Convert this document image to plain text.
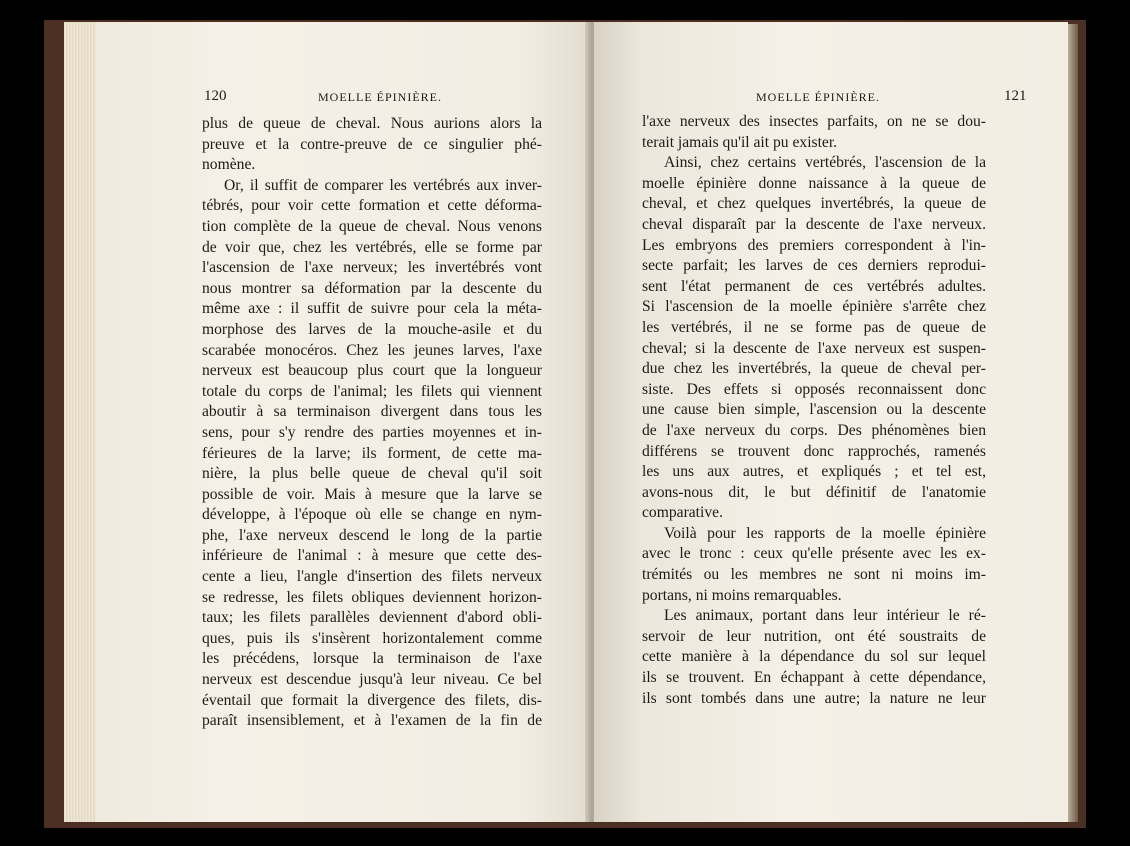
120	MOELLE ÉPINIÈRE.
plus de queue de cheval. Nous aurions alors la
preuve et la contre-preuve de ce singulier phé-
nomène.
Or, il suffit de comparer les vertébrés aux inver-
tébrés, pour voir cette formation et cette déforma-
tion complète de la queue de cheval. Nous venons
de voir que, chez les vertébrés, elle se forme par
l'ascension de l'axe nerveux; les invertébrés vont
nous montrer sa déformation par la descente du
même axe : il suffit de suivre pour cela la méta-
morphose des larves de la mouche-asile et du
scarabée monocéros. Chez les jeunes larves, l'axe
nerveux est beaucoup plus court que la longueur
totale du corps de l'animal; les filets qui viennent
aboutir à sa terminaison divergent dans tous les
sens, pour s'y rendre des parties moyennes et in-
férieures de la larve; ils forment, de cette ma-
nière, la plus belle queue de cheval qu'il soit
possible de voir. Mais à mesure que la larve se
développe, à l'époque où elle se change en nym-
phe, l'axe nerveux descend le long de la partie
inférieure de l'animal : à mesure que cette des-
cente a lieu, l'angle d'insertion des filets nerveux
se redresse, les filets obliques deviennent horizon-
taux; les filets parallèles deviennent d'abord obli-
ques, puis ils s'insèrent horizontalement comme
les précédens, lorsque la terminaison de l'axe
nerveux est descendue jusqu'à leur niveau. Ce bel
éventail que formait la divergence des filets, dis-
paraît insensiblement, et à l'examen de la fin de
MOELLE ÉPINIÈRE.	121
l'axe nerveux des insectes parfaits, on ne se dou-
terait jamais qu'il ait pu exister.
Ainsi, chez certains vertébrés, l'ascension de la
moelle épinière donne naissance à la queue de
cheval, et chez quelques invertébrés, la queue de
cheval disparaît par la descente de l'axe nerveux.
Les embryons des premiers correspondent à l'in-
secte parfait; les larves de ces derniers reprodui-
sent l'état permanent de ces vertébrés adultes.
Si l'ascension de la moelle épinière s'arrête chez
les vertébrés, il ne se forme pas de queue de
cheval; si la descente de l'axe nerveux est suspen-
due chez les invertébrés, la queue de cheval per-
siste. Des effets si opposés reconnaissent donc
une cause bien simple, l'ascension ou la descente
de l'axe nerveux du corps. Des phénomènes bien
différens se trouvent donc rapprochés, ramenés
les uns aux autres, et expliqués ; et tel est,
avons-nous dit, le but définitif de l'anatomie
comparative.
Voilà pour les rapports de la moelle épinière
avec le tronc : ceux qu'elle présente avec les ex-
trémités ou les membres ne sont ni moins im-
portans, ni moins remarquables.
Les animaux, portant dans leur intérieur le ré-
servoir de leur nutrition, ont été soustraits de
cette manière à la dépendance du sol sur lequel
ils se trouvent. En échappant à cette dépendance,
ils sont tombés dans une autre; la nature ne leur
